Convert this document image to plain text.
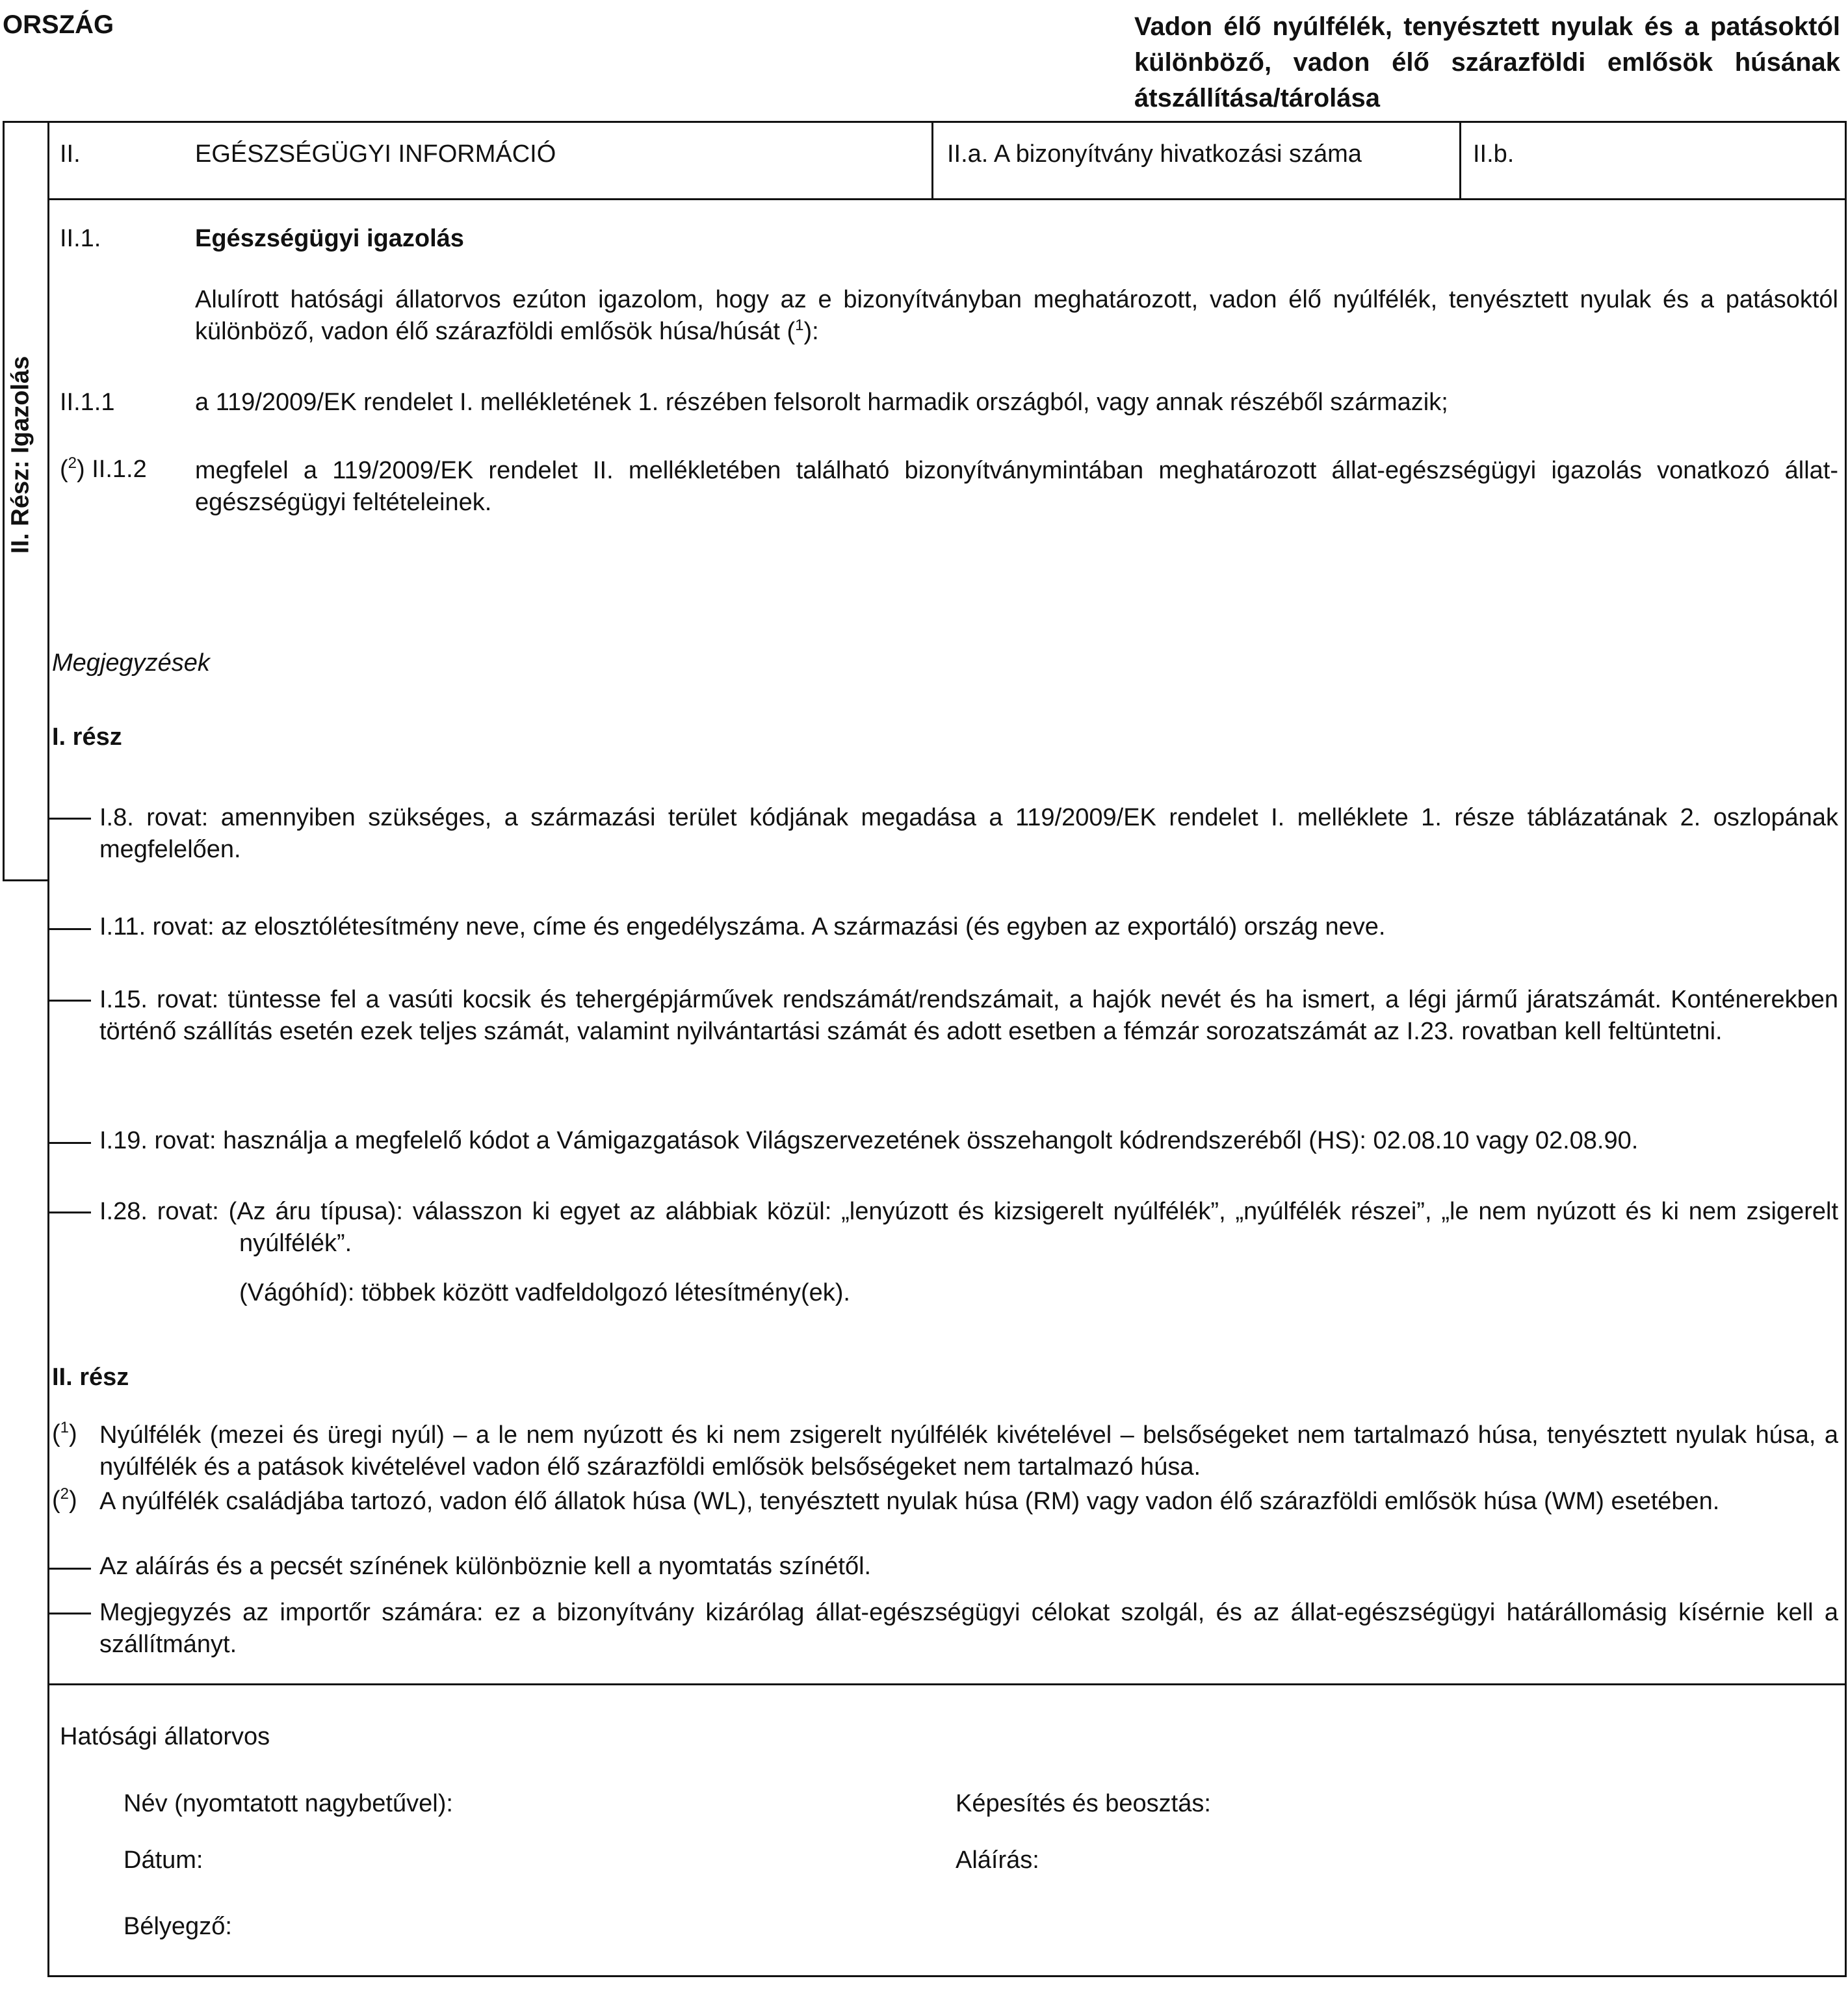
ORSZÁG	Vadon élő nyúlfélék, tenyésztett nyulak és a patásoktól
különböző, vadon élő szárazföldi emlősök húsának
átszállítása/tárolása
II. Rész: Igazolás
II.	EGÉSZSÉGÜGYI INFORMÁCIÓ	II.a. A bizonyítvány hivatkozási száma	II.b.
II.1.	Egészségügyi igazolás
Alulírott hatósági állatorvos ezúton igazolom, hogy az e bizonyítványban meghatározott, vadon élő nyúlfélék, tenyésztett nyulak és a patásoktól különböző, vadon élő szárazföldi emlősök húsa/húsát ($^1$):
II.1.1	a 119/2009/EK rendelet I. mellékletének 1. részében felsorolt harmadik országból, vagy annak részéből származik;
($^2$) II.1.2 megfelel a 119/2009/EK rendelet II. mellékletében található bizonyítványmintában meghatározott állat-egészségügyi igazolás vonatkozó állat-egészségügyi feltételeinek.
Megjegyzések
I. rész
I.8. rovat: amennyiben szükséges, a származási terület kódjának megadása a 119/2009/EK rendelet I. melléklete 1. része táblázatának 2. oszlopának megfelelően.
I.11. rovat: az elosztólétesítmény neve, címe és engedélyszáma. A származási (és egyben az exportáló) ország neve.
I.15. rovat: tüntesse fel a vasúti kocsik és tehergépjárművek rendszámát/rendszámait, a hajók nevét és ha ismert, a légi jármű járatszámát. Konténerekben történő szállítás esetén ezek teljes számát, valamint nyilvántartási számát és adott esetben a fémzár sorozatszámát az I.23. rovatban kell feltüntetni.
I.19. rovat: használja a megfelelő kódot a Vámigazgatások Világszervezetének összehangolt kódrendszeréből (HS): 02.08.10 vagy 02.08.90.
I.28. rovat: (Az áru típusa): válasszon ki egyet az alábbiak közül: „lenyúzott és kizsigerelt nyúlfélék”, „nyúlfélék részei”, „le nem nyúzott és ki nem zsigerelt nyúlfélék”.
(Vágóhíd): többek között vadfeldolgozó létesítmény(ek).
II. rész
($^1$) Nyúlfélék (mezei és üregi nyúl) – a le nem nyúzott és ki nem zsigerelt nyúlfélék kivételével – belsőségeket nem tartalmazó húsa, tenyésztett nyulak húsa, a nyúlfélék és a patások kivételével vadon élő szárazföldi emlősök belsőségeket nem tartalmazó húsa.
($^2$) A nyúlfélék családjába tartozó, vadon élő állatok húsa (WL), tenyésztett nyulak húsa (RM) vagy vadon élő szárazföldi emlősök húsa (WM) esetében.
Az aláírás és a pecsét színének különböznie kell a nyomtatás színétől.
Megjegyzés az importőr számára: ez a bizonyítvány kizárólag állat-egészségügyi célokat szolgál, és az állat-egészségügyi határállomásig kísérnie kell a szállítmányt.
Hatósági állatorvos
Név (nyomtatott nagybetűvel):	Képesítés és beosztás:
Dátum:	Aláírás:
Bélyegző:
